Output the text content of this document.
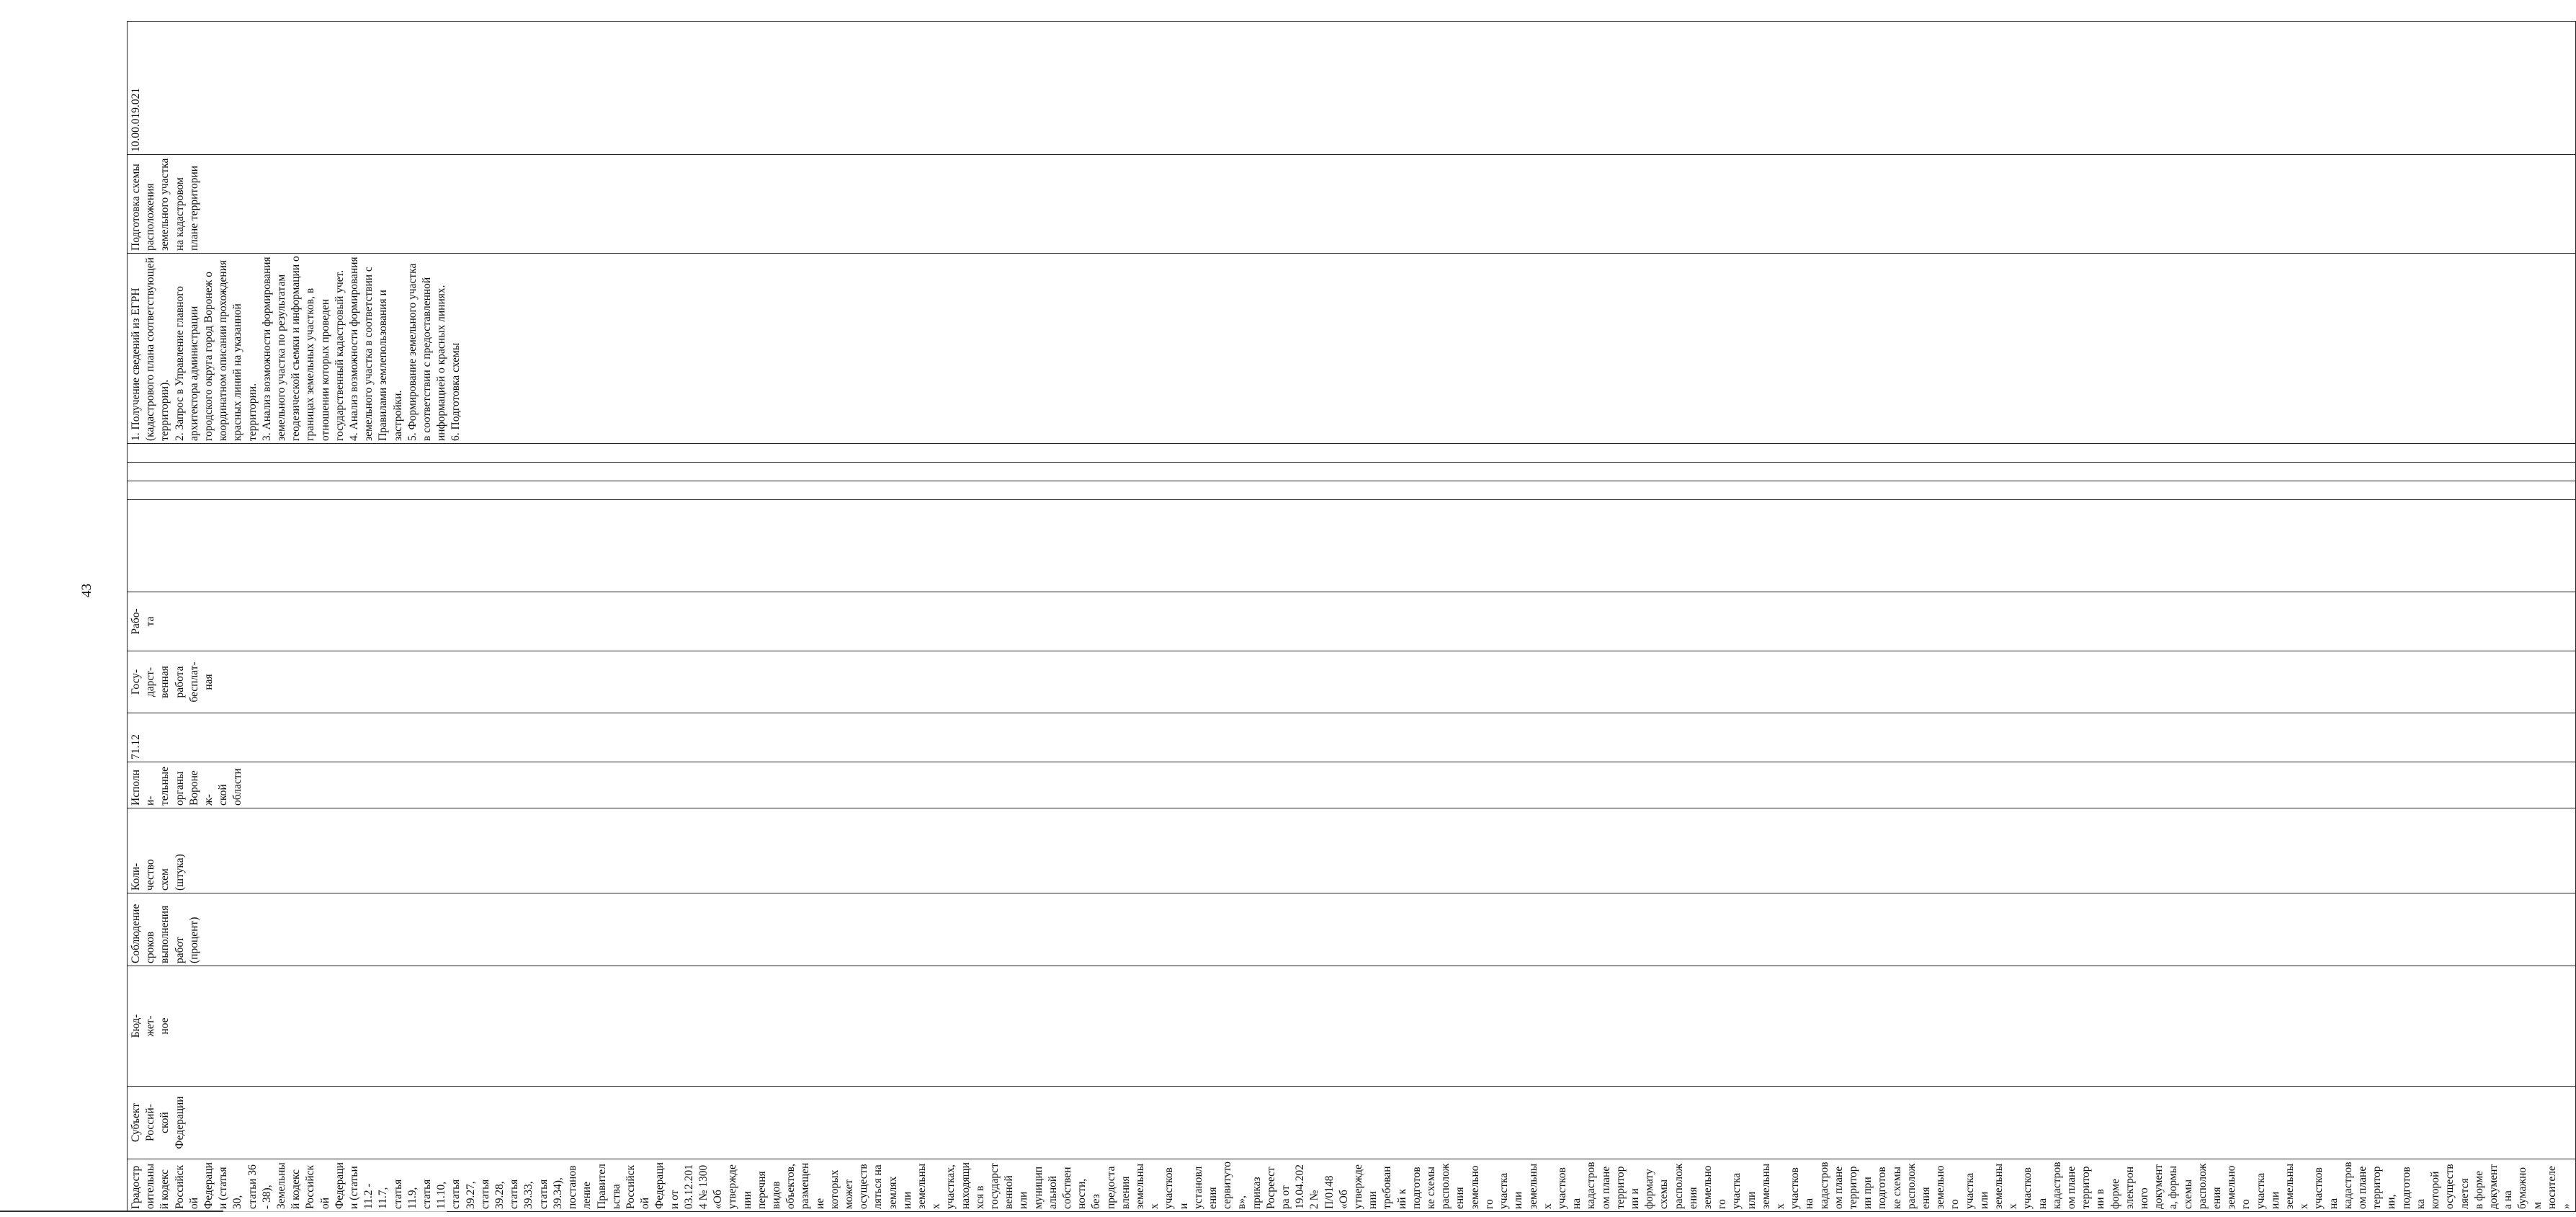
43
Градостроительный кодекс
Российской Федерации (статья 30,
статьи 36 - 38), Земельный кодекс
Российской Федерации (статьи
11.2 - 11.7, статья 11.9, статья 11.10,
статья 39.27, статья 39.28, статья
39.33, статья 39.34), постановление
Правительства Российской
Федерации от 03.12.2014 № 1300
«Об утверждении перечня видов
объектов, размещение которых
может осуществляться на землях
или земельных участках,
находящихся в государственной
или муниципальной собственности,
без предоставления земельных
участков и установления
сервитутов», приказ Росреестра от
19.04.2022 № П/0148 «Об
утверждении требований к
подготовке схемы расположения
земельного участка или земельных
участков на кадастровом плане
территории и формату схемы
расположения земельного участка
или земельных участков на
кадастровом плане территории при
подготовке схемы расположения
земельного участка или земельных
участков на кадастровом плане
территории в форме электронного
документа, формы схемы
расположения земельного участка
или земельных участков на
кадастровом плане территории,
подготовка которой осуществляется
в форме документа на бумажном
носителе»	Субъект
Россий-
ской
Федерации	Бюд-
жет-
ное	Соблюдение
сроков
выполнения
работ
(процент)	Коли-
чество
схем
(штука)	Исполни-
тельные
органы
Воронеж-
ской
области	71.12	Госу-
дарст-
венная
работа
бесплат-
ная	Рабо-
та					1. Получение сведений из ЕГРН (кадастрового плана соответствующей территории).
2. Запрос в Управление главного архитектора администрации городского округа город Воронеж о координатном описании прохождения красных линий на указанной территории.
3. Анализ возможности формирования земельного участка по результатам геодезической съемки и информации о границах земельных участков, в отношении которых проведен государственный кадастровый учет.
4. Анализ возможности формирования земельного участка в соответствии с Правилами землепользования и застройки.
5. Формирование земельного участка в соответствии с предоставленной информацией о красных линиях.
6. Подготовка схемы	Подготовка схемы расположения земельного участка на кадастровом плане территории	10.00.019.021
